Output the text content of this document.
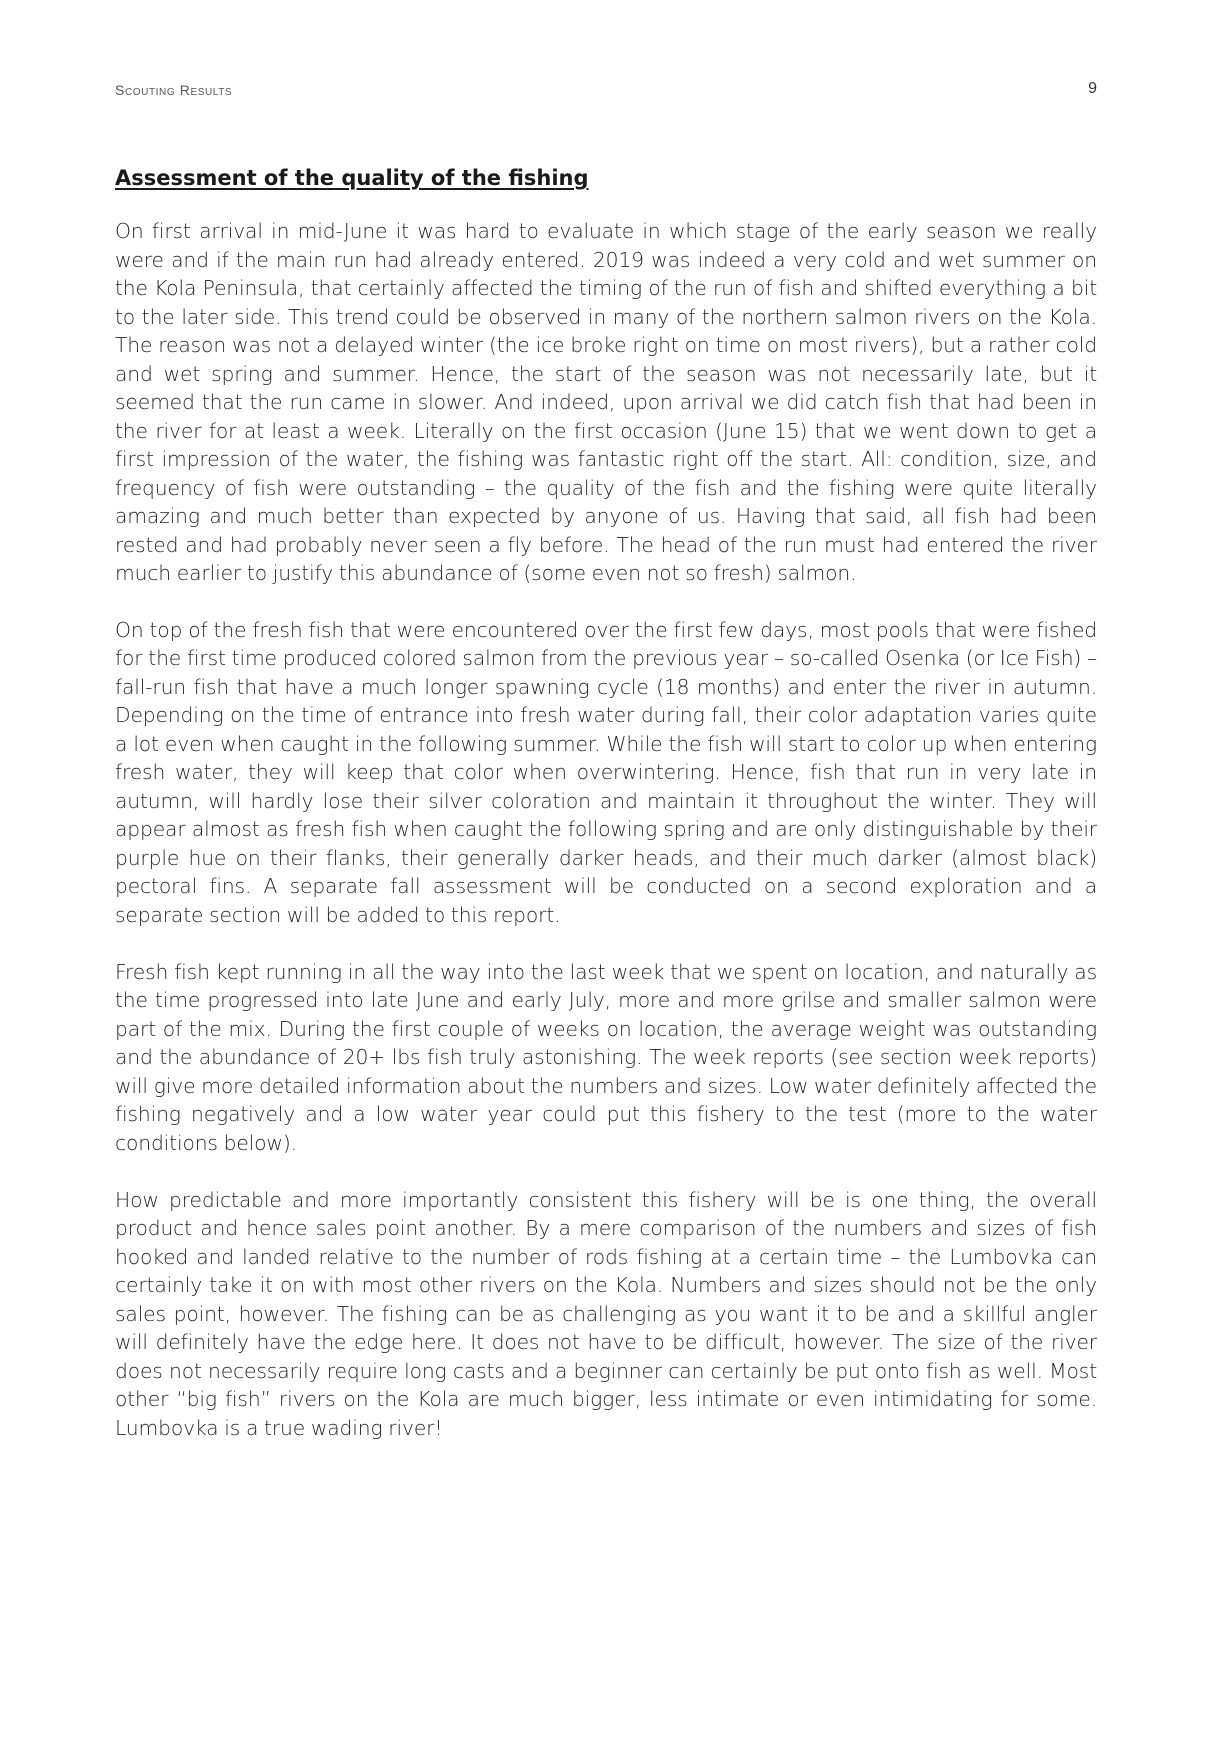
Scouting Results	9
Assessment of the quality of the fishing

On first arrival in mid-June it was hard to evaluate in which stage of the early season we really were and if the main run had already entered. 2019 was indeed a very cold and wet summer on the Kola Peninsula, that certainly affected the timing of the run of fish and shifted everything a bit to the later side. This trend could be observed in many of the northern salmon rivers on the Kola. The reason was not a delayed winter (the ice broke right on time on most rivers), but a rather cold and wet spring and summer. Hence, the start of the season was not necessarily late, but it seemed that the run came in slower. And indeed, upon arrival we did catch fish that had been in the river for at least a week. Literally on the first occasion (June 15) that we went down to get a first impression of the water, the fishing was fantastic right off the start. All: condition, size, and frequency of fish were outstanding – the quality of the fish and the fishing were quite literally amazing and much better than expected by anyone of us. Having that said, all fish had been rested and had probably never seen a fly before. The head of the run must had entered the river much earlier to justify this abundance of (some even not so fresh) salmon.

On top of the fresh fish that were encountered over the first few days, most pools that were fished for the first time produced colored salmon from the previous year – so-called Osenka (or Ice Fish) – fall-run fish that have a much longer spawning cycle (18 months) and enter the river in autumn. Depending on the time of entrance into fresh water during fall, their color adaptation varies quite a lot even when caught in the following summer. While the fish will start to color up when entering fresh water, they will keep that color when overwintering. Hence, fish that run in very late in autumn, will hardly lose their silver coloration and maintain it throughout the winter. They will appear almost as fresh fish when caught the following spring and are only distinguishable by their purple hue on their flanks, their generally darker heads, and their much darker (almost black) pectoral fins. A separate fall assessment will be conducted on a second exploration and a separate section will be added to this report.

Fresh fish kept running in all the way into the last week that we spent on location, and naturally as the time progressed into late June and early July, more and more grilse and smaller salmon were part of the mix. During the first couple of weeks on location, the average weight was outstanding and the abundance of 20+ lbs fish truly astonishing. The week reports (see section week reports) will give more detailed information about the numbers and sizes. Low water definitely affected the fishing negatively and a low water year could put this fishery to the test (more to the water conditions below).

How predictable and more importantly consistent this fishery will be is one thing, the overall product and hence sales point another. By a mere comparison of the numbers and sizes of fish hooked and landed relative to the number of rods fishing at a certain time – the Lumbovka can certainly take it on with most other rivers on the Kola. Numbers and sizes should not be the only sales point, however. The fishing can be as challenging as you want it to be and a skillful angler will definitely have the edge here. It does not have to be difficult, however. The size of the river does not necessarily require long casts and a beginner can certainly be put onto fish as well. Most other “big fish” rivers on the Kola are much bigger, less intimate or even intimidating for some. Lumbovka is a true wading river!
